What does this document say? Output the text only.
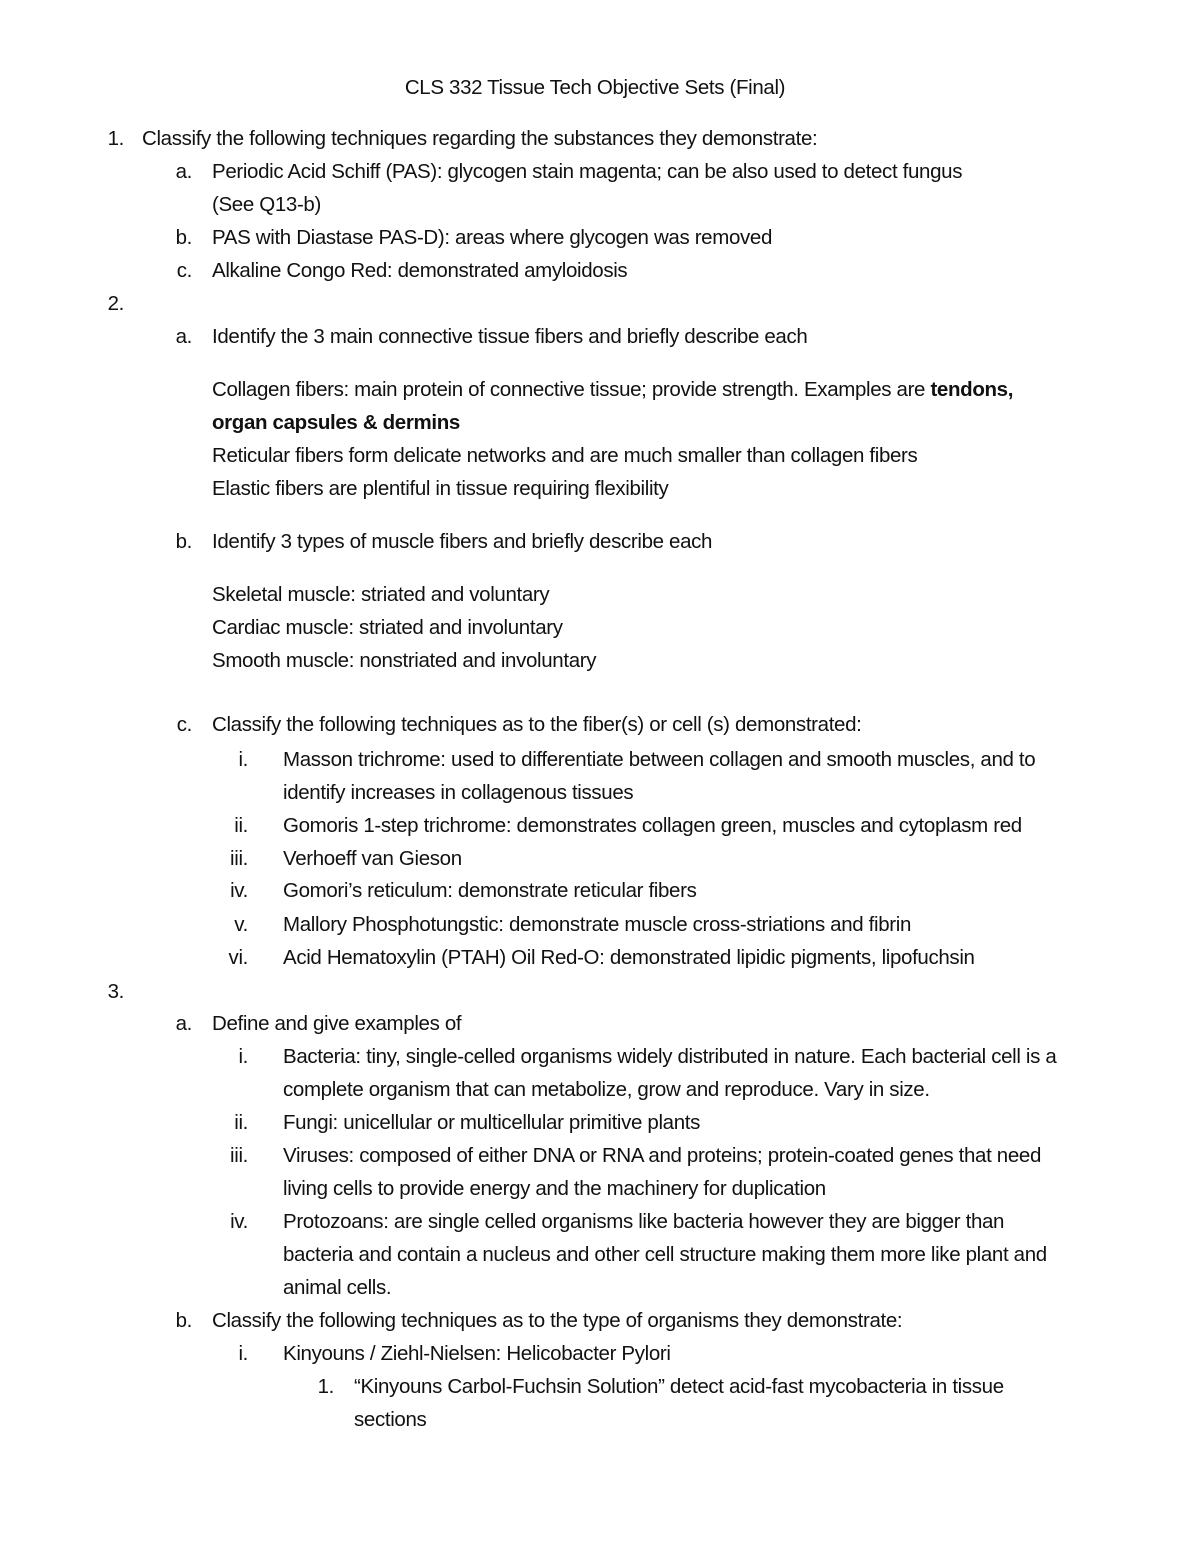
CLS 332 Tissue Tech Objective Sets (Final)
1. Classify the following techniques regarding the substances they demonstrate:
a. Periodic Acid Schiff (PAS): glycogen stain magenta; can be also used to detect fungus
(See Q13-b)
b. PAS with Diastase PAS-D): areas where glycogen was removed
c. Alkaline Congo Red: demonstrated amyloidosis
2.
a. Identify the 3 main connective tissue fibers and briefly describe each
Collagen fibers: main protein of connective tissue; provide strength. Examples are tendons,
organ capsules & dermins
Reticular fibers form delicate networks and are much smaller than collagen fibers
Elastic fibers are plentiful in tissue requiring flexibility
b. Identify 3 types of muscle fibers and briefly describe each
Skeletal muscle: striated and voluntary
Cardiac muscle: striated and involuntary
Smooth muscle: nonstriated and involuntary
c. Classify the following techniques as to the fiber(s) or cell (s) demonstrated:
i. Masson trichrome: used to differentiate between collagen and smooth muscles, and to
identify increases in collagenous tissues
ii. Gomoris 1-step trichrome: demonstrates collagen green, muscles and cytoplasm red
iii. Verhoeff van Gieson
iv. Gomori’s reticulum: demonstrate reticular fibers
v. Mallory Phosphotungstic: demonstrate muscle cross-striations and fibrin
vi. Acid Hematoxylin (PTAH) Oil Red-O: demonstrated lipidic pigments, lipofuchsin
3.
a. Define and give examples of
i. Bacteria: tiny, single-celled organisms widely distributed in nature. Each bacterial cell is a
complete organism that can metabolize, grow and reproduce. Vary in size.
ii. Fungi: unicellular or multicellular primitive plants
iii. Viruses: composed of either DNA or RNA and proteins; protein-coated genes that need
living cells to provide energy and the machinery for duplication
iv. Protozoans: are single celled organisms like bacteria however they are bigger than
bacteria and contain a nucleus and other cell structure making them more like plant and
animal cells.
b. Classify the following techniques as to the type of organisms they demonstrate:
i. Kinyouns / Ziehl-Nielsen: Helicobacter Pylori
1. “Kinyouns Carbol-Fuchsin Solution” detect acid-fast mycobacteria in tissue
sections
